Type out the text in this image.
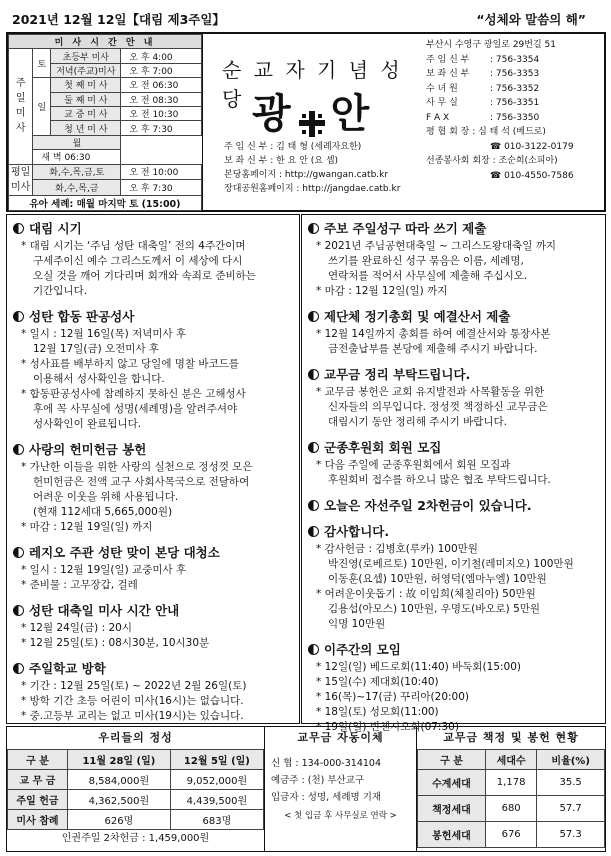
2021년 12월 12일【대림 제3주일】	“성체와 말씀의 해”
미 사 시 간 안 내			
주
일
미
사	토	초등부 미사	오 후 4:00
		저녁(주교)미사	오 후 7:00
	일	첫 째 미 사	오 전 06:30
		둘 째 미 사	오 전 08:30
		교 중 미 사	오 전 10:30
		청 년 미 사	오 후 7:30
	월		
	새 벽 06:30		
평일
미사	화,수,목,금,토		오 전 10:00
	화,수,목,금		오 후 7:30
유아 세례: 매월 마지막 토 (15:00)			
순 교 자 기 념 성 당 광 안
주 임 신 부 : 김 태 형 (세례자요한)
보 좌 신 부 : 한 요 안 (요 셉)
본당홈페이지 : http://gwangan.catb.kr
장대공원홈페이지 : http://jangdae.catb.kr
부산시 수영구 광일로 29번길 51
주 임 신 부 : 756-3354
보 좌 신 부 : 756-3353
수 녀 원	: 756-3352
사 무 실	: 756-3351
F A X	: 756-3350
평 협 회 장 : 심 태 석 (베드로)
☎ 010-3122-0179
선종봉사회 회장 : 조순희(소피아)
☎ 010-4550-7586
대림 시기
* 대림 시기는 ‘주님 성탄 대축일’ 전의 4주간이며
구세주이신 예수 그리스도께서 이 세상에 다시
오실 것을 깨어 기다리며 회개와 속죄로 준비하는
기간입니다.
성탄 합동 판공성사
* 일시 : 12월 16일(목) 저녁미사 후
12월 17일(금) 오전미사 후
* 성사표를 배부하지 않고 당일에 명찰 바코드를
이용해서 성사확인을 합니다.
* 합동판공성사에 참례하지 못하신 분은 고해성사
후에 꼭 사무실에 성명(세례명)을 알려주셔야
성사확인이 완료됩니다.
사랑의 헌미헌금 봉헌
* 가난한 이들을 위한 사랑의 실천으로 정성껏 모은
헌미헌금은 전액 교구 사회사목국으로 전달하여
어려운 이웃을 위해 사용됩니다.
(현재 112세대 5,665,000원)
* 마감 : 12월 19일(일) 까지
레지오 주관 성탄 맞이 본당 대청소
* 일시 : 12월 19일(일) 교중미사 후
* 준비물 : 고무장갑, 걸레
성탄 대축일 미사 시간 안내
* 12월 24일(금) : 20시
* 12월 25일(토) : 08시30분, 10시30분
주일학교 방학
* 기간 : 12월 25일(토) ~ 2022년 2월 26일(토)
* 방학 기간 초등 어린이 미사(16시)는 없습니다.
* 중.고등부 교리는 없고 미사(19시)는 있습니다.
주보 주일성구 따라 쓰기 제출
* 2021년 주님공현대축일 ~ 그리스도왕대축일 까지
쓰기를 완료하신 성구 묶음은 이름, 세례명,
연락처를 적어서 사무실에 제출해 주십시오.
* 마감 : 12월 12일(일) 까지
제단체 정기총회 및 예결산서 제출
* 12월 14일까지 총회를 하여 예결산서와 통장사본
금전출납부를 본당에 제출해 주시기 바랍니다.
교무금 정리 부탁드립니다.
* 교무금 봉헌은 교회 유지발전과 사목활동을 위한
신자들의 의무입니다. 정성껏 책정하신 교무금은
대림시기 동안 정리해 주시기 바랍니다.
군종후원회 회원 모집
* 다음 주일에 군종후원회에서 회원 모집과
후원회비 접수를 하오니 많은 협조 부탁드립니다.
오늘은 자선주일 2차헌금이 있습니다.
감사합니다.
* 감사헌금 : 김병호(루카) 100만원
박진영(로베르토) 10만원, 이기철(레미지오) 100만원
이동훈(요셉) 10만원, 허영덕(엠마누엘) 10만원
* 어려운이웃돕기 : 故 이임희(체칠리아) 50만원
김용섭(아모스) 10만원, 우명도(바오로) 5만원
익명 10만원
이주간의 모임
* 12일(일) 베드로회(11:40) 바둑회(15:00)
* 15일(수) 제대회(10:40)
* 16(목)~17(금) 꾸리아(20:00)
* 18일(토) 성모회(11:00)
* 19일(일) 빈첸시오회(07:30)
우리들의 정성
구 분	11월 28일 (일)	12월 5일 (일)
교 무 금	8,584,000원	9,052,000원
주일 헌금	4,362,500원	4,439,500원
미사 참례	626명	683명
인권주일 2차헌금 : 1,459,000원
교무금 자동이체
신 협 : 134-000-314104
예금주 : (천) 부산교구
입금자 : 성명, 세례명 기재
< 첫 입금 후 사무실로 연락 >
교무금 책정 및 봉헌 현황
구 분	세대수	비율(%)
수계세대	1,178	35.5
책정세대	680	57.7
봉헌세대	676	57.3
